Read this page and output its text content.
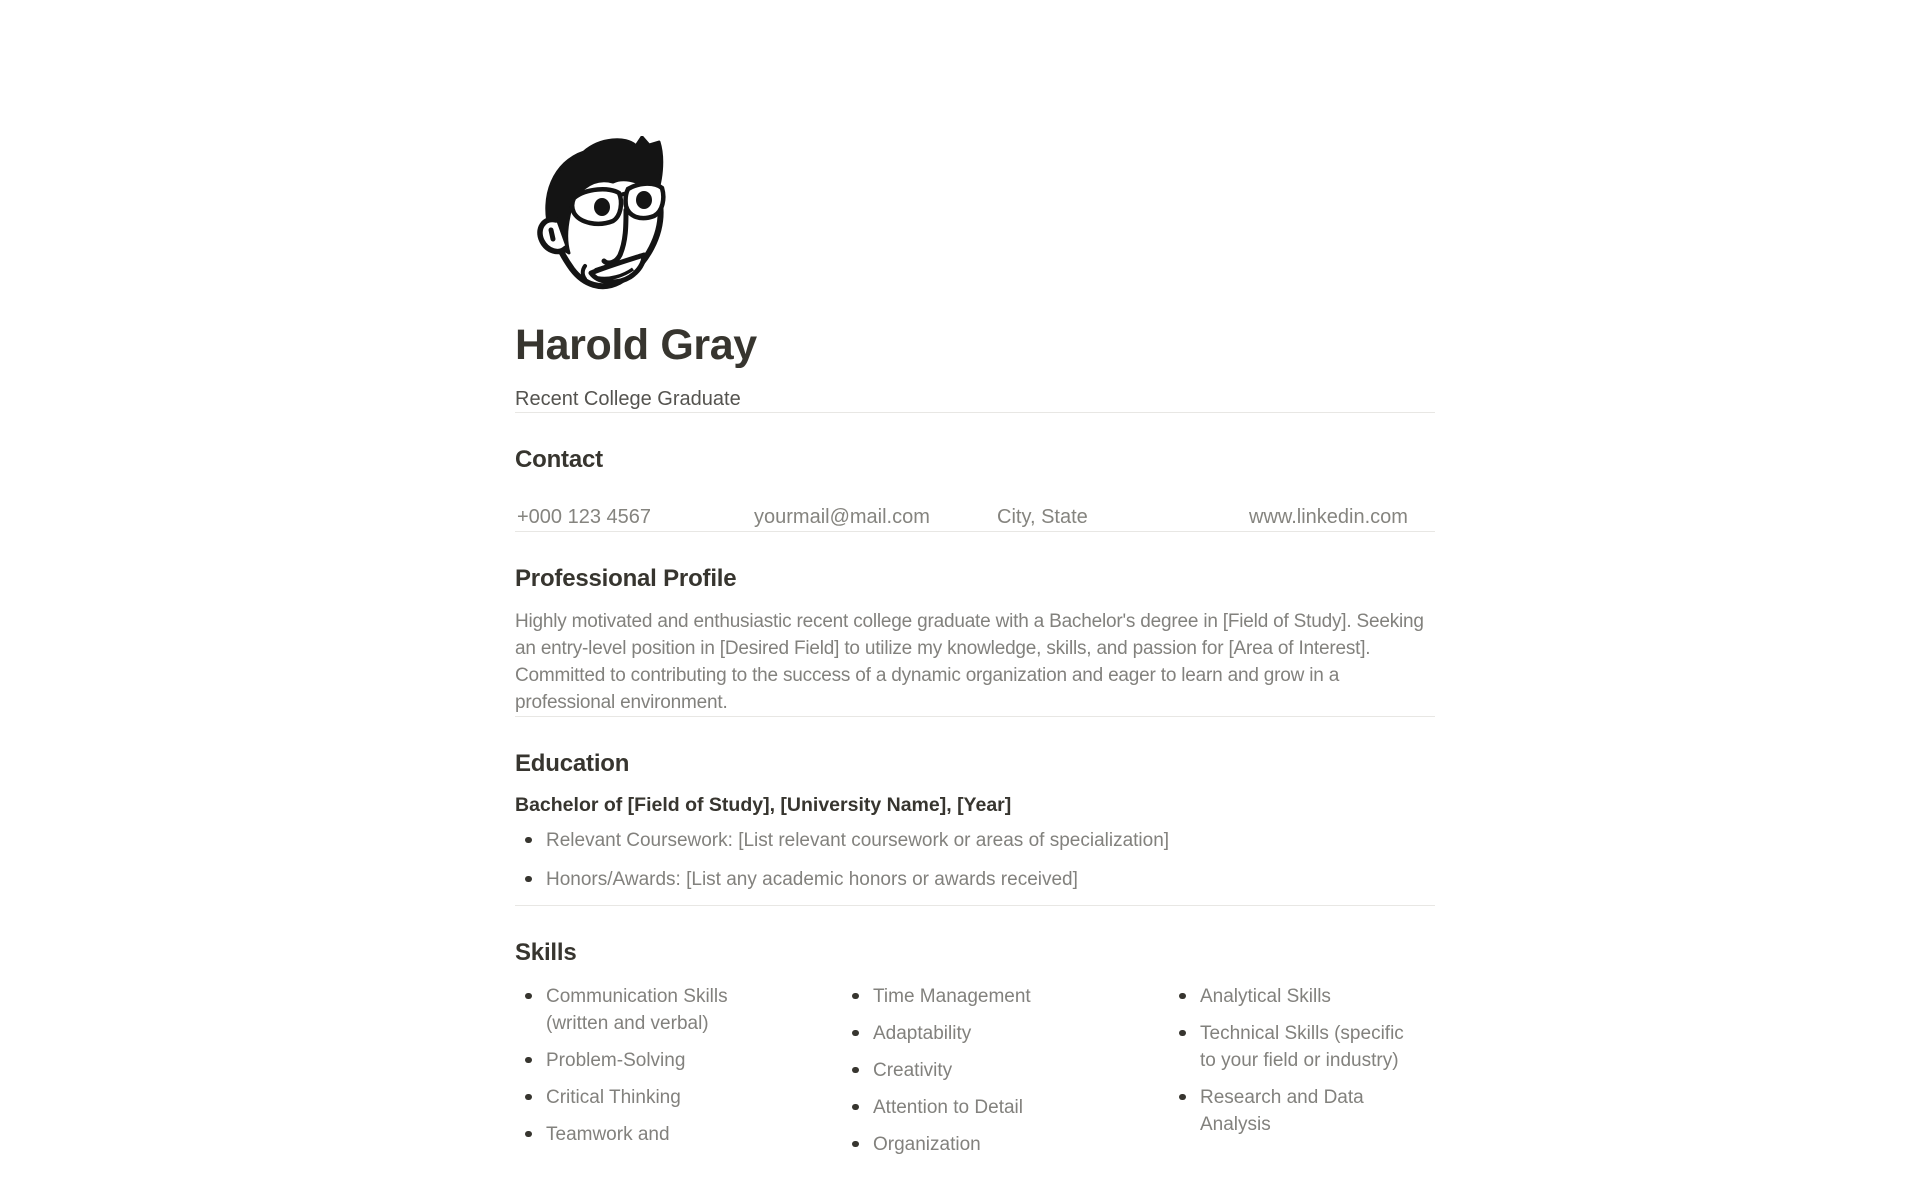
Harold Gray
Recent College Graduate
Contact
+000 123 4567	yourmail@mail.com	City, State	www.linkedin.com
Professional Profile
Highly motivated and enthusiastic recent college graduate with a Bachelor's degree in [Field of Study]. Seeking an entry-level position in [Desired Field] to utilize my knowledge, skills, and passion for [Area of Interest]. Committed to contributing to the success of a dynamic organization and eager to learn and grow in a professional environment.
Education
Bachelor of [Field of Study], [University Name], [Year]
Relevant Coursework: [List relevant coursework or areas of specialization]
Honors/Awards: [List any academic honors or awards received]
Skills
Communication Skills (written and verbal)
Problem-Solving
Critical Thinking
Teamwork and
Time Management
Adaptability
Creativity
Attention to Detail
Organization
Analytical Skills
Technical Skills (specific to your field or industry)
Research and Data Analysis
